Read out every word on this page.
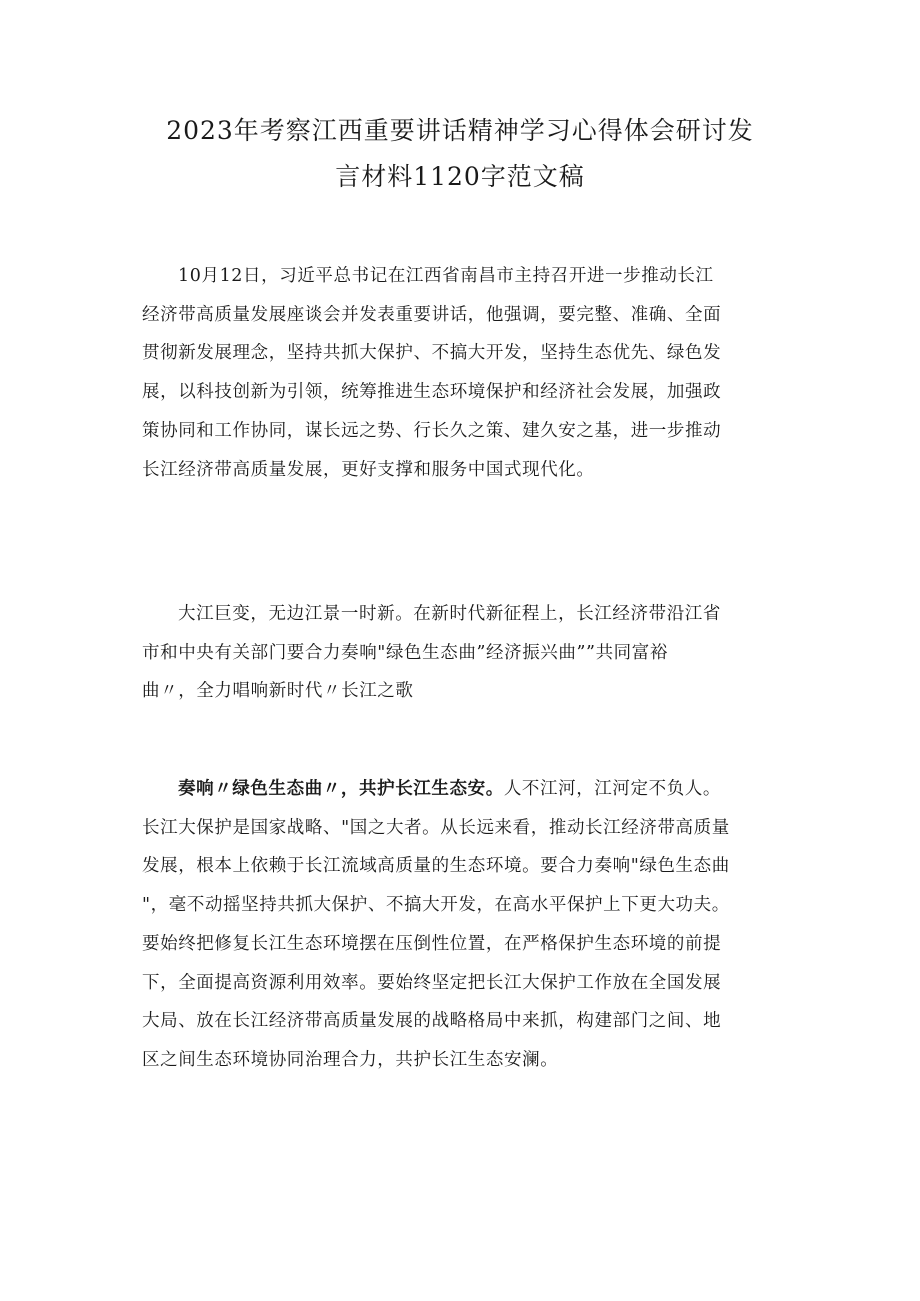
2023年考察江西重要讲话精神学习心得体会研讨发
言材料1120字范文稿

10月12日，习近平总书记在江西省南昌市主持召开进一步推动长江
经济带高质量发展座谈会并发表重要讲话，他强调，要完整、准确、全面
贯彻新发展理念，坚持共抓大保护、不搞大开发，坚持生态优先、绿色发
展，以科技创新为引领，统筹推进生态环境保护和经济社会发展，加强政
策协同和工作协同，谋长远之势、行长久之策、建久安之基，进一步推动
长江经济带高质量发展，更好支撑和服务中国式现代化。

大江巨变，无边江景一时新。在新时代新征程上，长江经济带沿江省
市和中央有关部门要合力奏响"绿色生态曲”经济振兴曲””共同富裕
曲〃，全力唱响新时代〃长江之歌

奏响〃绿色生态曲〃，共护长江生态安。人不江河，江河定不负人。
长江大保护是国家战略、"国之大者。从长远来看，推动长江经济带高质量
发展，根本上依赖于长江流域高质量的生态环境。要合力奏响"绿色生态曲
"，毫不动摇坚持共抓大保护、不搞大开发，在高水平保护上下更大功夫。
要始终把修复长江生态环境摆在压倒性位置，在严格保护生态环境的前提
下，全面提高资源利用效率。要始终坚定把长江大保护工作放在全国发展
大局、放在长江经济带高质量发展的战略格局中来抓，构建部门之间、地
区之间生态环境协同治理合力，共护长江生态安澜。
